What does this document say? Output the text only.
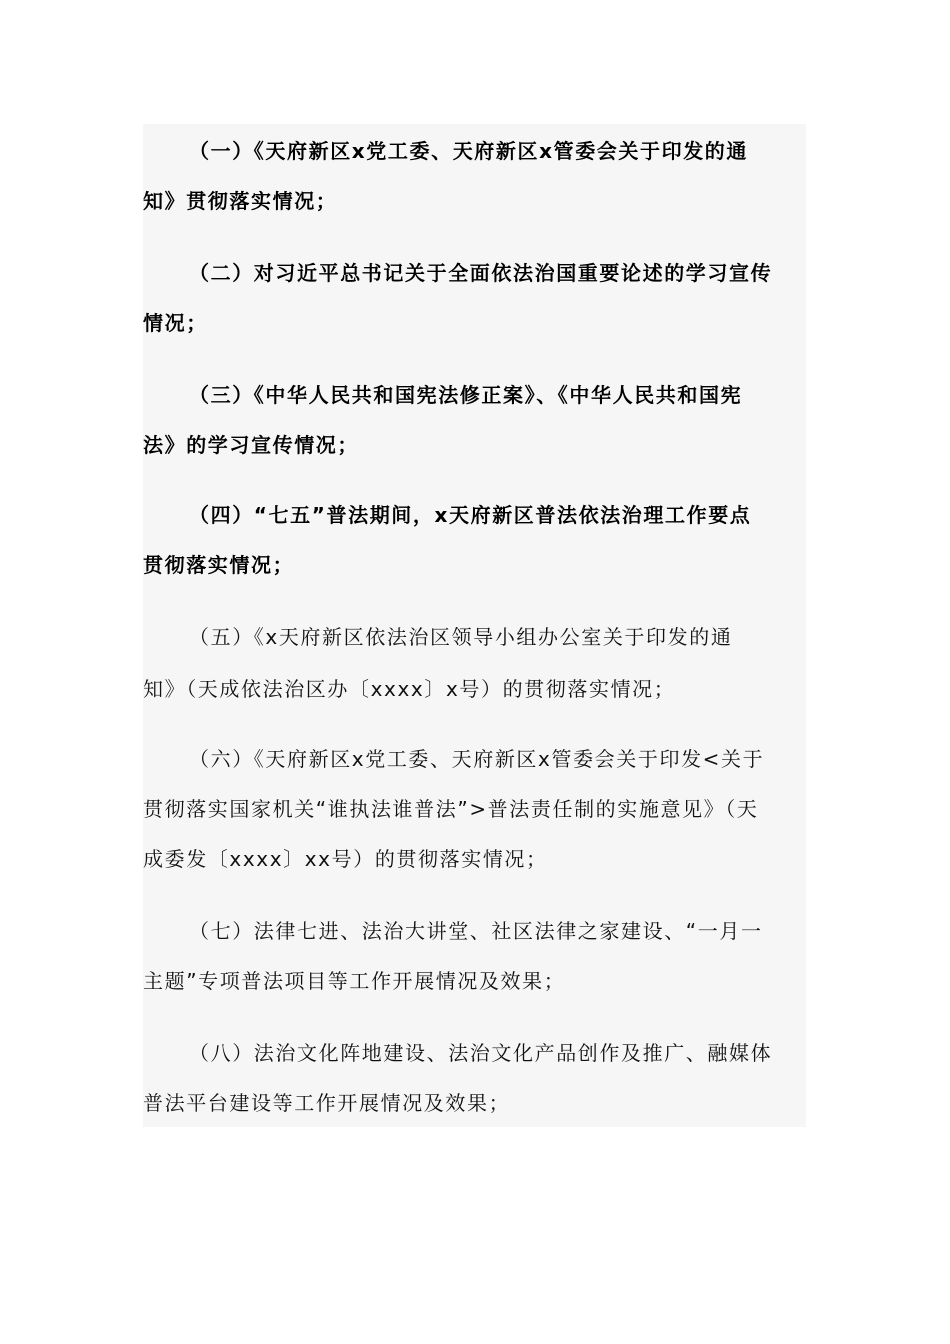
（一）《天府新区x党工委、天府新区x管委会关于印发的通
知》贯彻落实情况；
（二）对习近平总书记关于全面依法治国重要论述的学习宣传
情况；
（三）《中华人民共和国宪法修正案》、《中华人民共和国宪
法》的学习宣传情况；
（四）“七五”普法期间，x天府新区普法依法治理工作要点
贯彻落实情况；
（五）《x天府新区依法治区领导小组办公室关于印发的通
知》（天成依法治区办〔xxxx〕x号）的贯彻落实情况；
（六）《天府新区x党工委、天府新区x管委会关于印发<关于
贯彻落实国家机关“谁执法谁普法”>普法责任制的实施意见》（天
成委发〔xxxx〕xx号）的贯彻落实情况；
（七）法律七进、法治大讲堂、社区法律之家建设、“一月一
主题”专项普法项目等工作开展情况及效果；
（八）法治文化阵地建设、法治文化产品创作及推广、融媒体
普法平台建设等工作开展情况及效果；
